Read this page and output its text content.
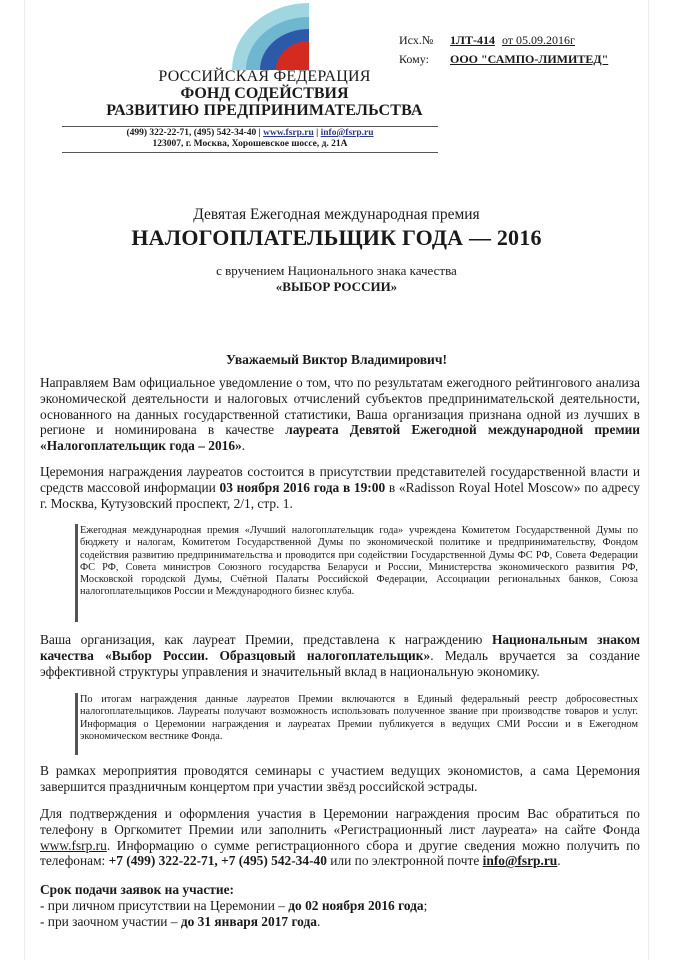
РОССИЙСКАЯ ФЕДЕРАЦИЯ
ФОНД СОДЕЙСТВИЯ
РАЗВИТИЮ ПРЕДПРИНИМАТЕЛЬСТВА
(499) 322-22-71, (495) 542-34-40 | www.fsrp.ru | info@fsrp.ru
123007, г. Москва, Хорошевское шоссе, д. 21А
Исх.№ 1ЛТ-414 от 05.09.2016г
Кому: ООО "САМПО-ЛИМИТЕД"
Девятая Ежегодная международная премия
НАЛОГОПЛАТЕЛЬЩИК ГОДА — 2016
с вручением Национального знака качества
«ВЫБОР РОССИИ»
Уважаемый Виктор Владимирович!
Направляем Вам официальное уведомление о том, что по результатам ежегодного рейтингового анализа экономической деятельности и налоговых отчислений субъектов предпринимательской деятельности, основанного на данных государственной статистики, Ваша организация признана одной из лучших в регионе и номинирована в качестве лауреата Девятой Ежегодной международной премии «Налогоплательщик года – 2016».
Церемония награждения лауреатов состоится в присутствии представителей государственной власти и средств массовой информации 03 ноября 2016 года в 19:00 в «Radisson Royal Hotel Moscow» по адресу г. Москва, Кутузовский проспект, 2/1, стр. 1.
Ежегодная международная премия «Лучший налогоплательщик года» учреждена Комитетом Государственной Думы по бюджету и налогам, Комитетом Государственной Думы по экономической политике и предпринимательству, Фондом содействия развитию предпринимательства и проводится при содействии Государственной Думы ФС РФ, Совета Федерации ФС РФ, Совета министров Союзного государства Беларуси и России, Министерства экономического развития РФ, Московской городской Думы, Счётной Палаты Российской Федерации, Ассоциации региональных банков, Союза налогоплательщиков России и Международного бизнес клуба.
Ваша организация, как лауреат Премии, представлена к награждению Национальным знаком качества «Выбор России. Образцовый налогоплательщик». Медаль вручается за создание эффективной структуры управления и значительный вклад в национальную экономику.
По итогам награждения данные лауреатов Премии включаются в Единый федеральный реестр добросовестных налогоплательщиков. Лауреаты получают возможность использовать полученное звание при производстве товаров и услуг. Информация о Церемонии награждения и лауреатах Премии публикуется в ведущих СМИ России и в Ежегодном экономическом вестнике Фонда.
В рамках мероприятия проводятся семинары с участием ведущих экономистов, а сама Церемония завершится праздничным концертом при участии звёзд российской эстрады.
Для подтверждения и оформления участия в Церемонии награждения просим Вас обратиться по телефону в Оргкомитет Премии или заполнить «Регистрационный лист лауреата» на сайте Фонда www.fsrp.ru. Информацию о сумме регистрационного сбора и другие сведения можно получить по телефонам: +7 (499) 322-22-71, +7 (495) 542-34-40 или по электронной почте info@fsrp.ru.
Срок подачи заявок на участие:
- при личном присутствии на Церемонии – до 02 ноября 2016 года;
- при заочном участии – до 31 января 2017 года.
